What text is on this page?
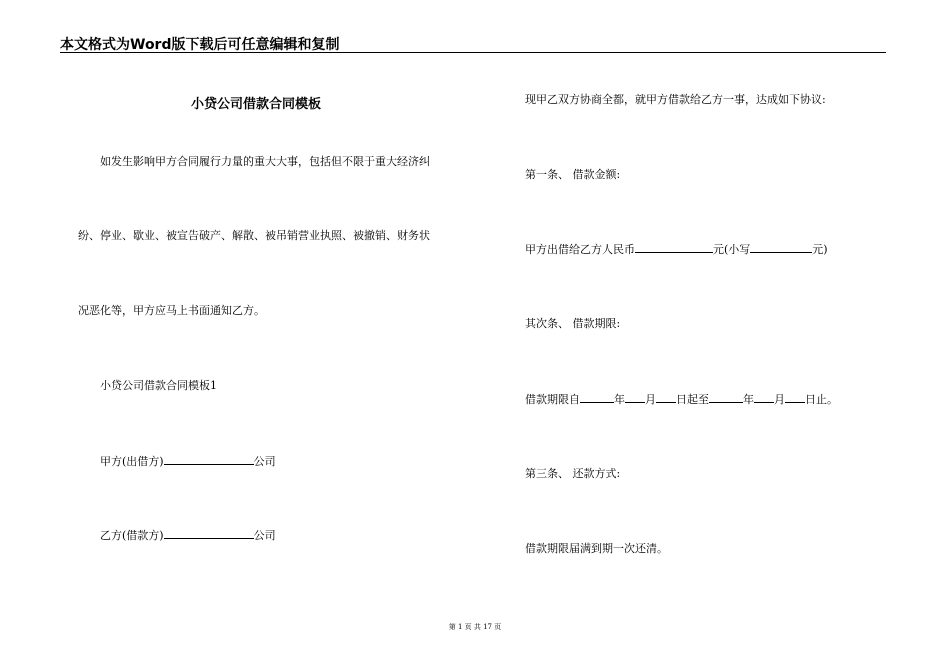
本文格式为Word版下载后可任意编辑和复制
小贷公司借款合同模板
如发生影响甲方合同履行力量的重大大事，包括但不限于重大经济纠
纷、停业、歇业、被宣告破产、解散、被吊销营业执照、被撤销、财务状
况恶化等，甲方应马上书面通知乙方。
小贷公司借款合同模板1
甲方(出借方)	公司
乙方(借款方)	公司
现甲乙双方协商全都，就甲方借款给乙方一事，达成如下协议:
第一条、 借款金额:
甲方出借给乙方人民币	元(小写	元)
其次条、 借款期限:
借款期限自	年 月 日起至	年 月 日止。
第三条、 还款方式:
借款期限届满到期一次还清。
第 1 页 共 17 页
